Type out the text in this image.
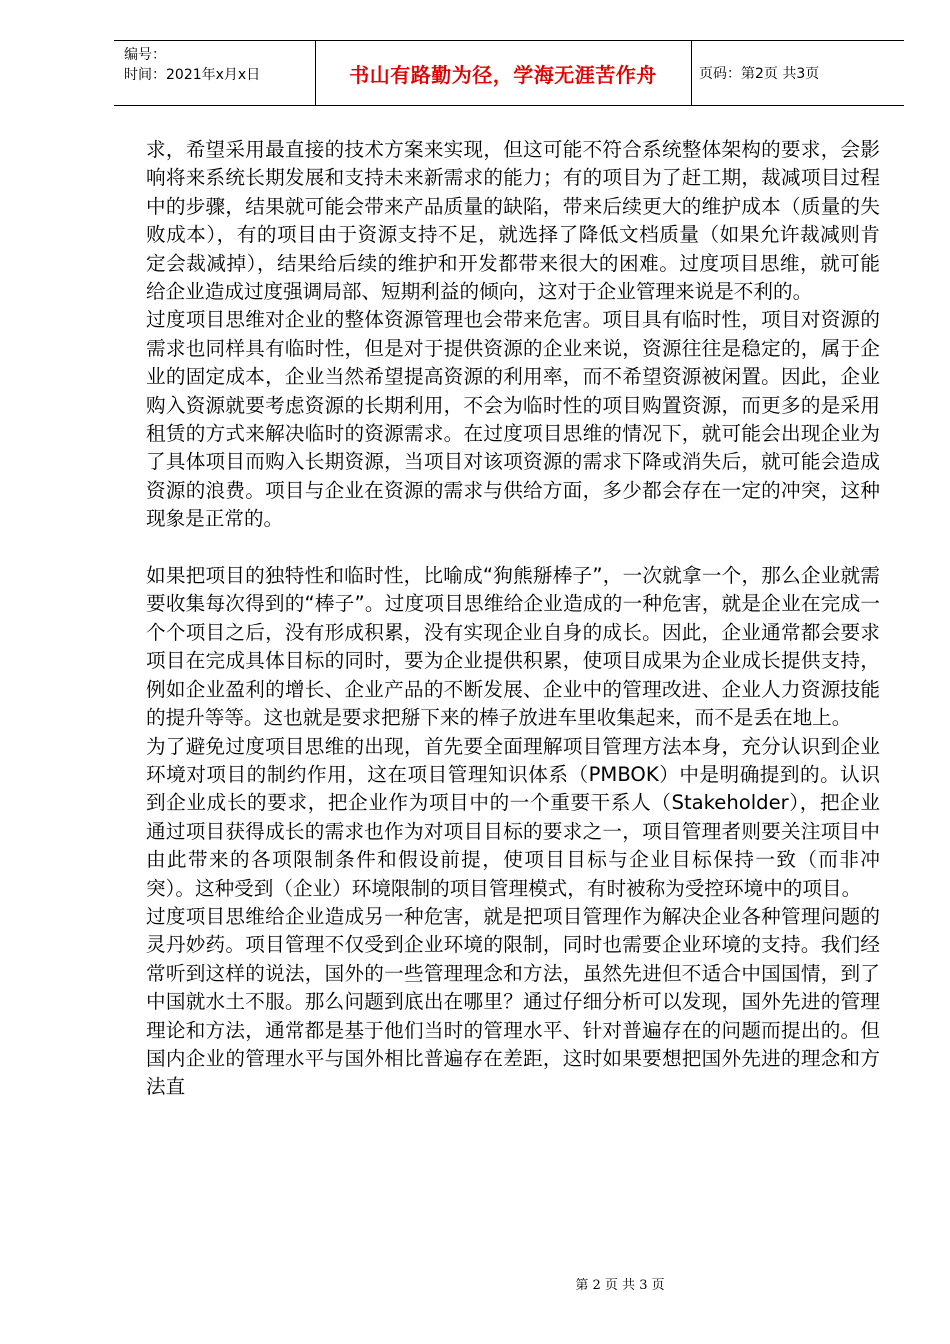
编号：
时间：2021年x月x日	书山有路勤为径，学海无涯苦作舟	页码：第2页 共3页

求，希望采用最直接的技术方案来实现，但这可能不符合系统整体架构的要求，会影响将来系统长期发展和支持未来新需求的能力；有的项目为了赶工期，裁减项目过程中的步骤，结果就可能会带来产品质量的缺陷，带来后续更大的维护成本（质量的失败成本），有的项目由于资源支持不足，就选择了降低文档质量（如果允许裁减则肯定会裁减掉），结果给后续的维护和开发都带来很大的困难。过度项目思维，就可能给企业造成过度强调局部、短期利益的倾向，这对于企业管理来说是不利的。

过度项目思维对企业的整体资源管理也会带来危害。项目具有临时性，项目对资源的需求也同样具有临时性，但是对于提供资源的企业来说，资源往往是稳定的，属于企业的固定成本，企业当然希望提高资源的利用率，而不希望资源被闲置。因此，企业购入资源就要考虑资源的长期利用，不会为临时性的项目购置资源，而更多的是采用租赁的方式来解决临时的资源需求。在过度项目思维的情况下，就可能会出现企业为了具体项目而购入长期资源，当项目对该项资源的需求下降或消失后，就可能会造成资源的浪费。项目与企业在资源的需求与供给方面，多少都会存在一定的冲突，这种现象是正常的。

如果把项目的独特性和临时性，比喻成“狗熊掰棒子”，一次就拿一个，那么企业就需要收集每次得到的“棒子”。过度项目思维给企业造成的一种危害，就是企业在完成一个个项目之后，没有形成积累，没有实现企业自身的成长。因此，企业通常都会要求项目在完成具体目标的同时，要为企业提供积累，使项目成果为企业成长提供支持，例如企业盈利的增长、企业产品的不断发展、企业中的管理改进、企业人力资源技能的提升等等。这也就是要求把掰下来的棒子放进车里收集起来，而不是丢在地上。

为了避免过度项目思维的出现，首先要全面理解项目管理方法本身，充分认识到企业环境对项目的制约作用，这在项目管理知识体系（PMBOK）中是明确提到的。认识到企业成长的要求，把企业作为项目中的一个重要干系人（Stakeholder），把企业通过项目获得成长的需求也作为对项目目标的要求之一，项目管理者则要关注项目中由此带来的各项限制条件和假设前提，使项目目标与企业目标保持一致（而非冲突）。这种受到（企业）环境限制的项目管理模式，有时被称为受控环境中的项目。

过度项目思维给企业造成另一种危害，就是把项目管理作为解决企业各种管理问题的灵丹妙药。项目管理不仅受到企业环境的限制，同时也需要企业环境的支持。我们经常听到这样的说法，国外的一些管理理念和方法，虽然先进但不适合中国国情，到了中国就水土不服。那么问题到底出在哪里？通过仔细分析可以发现，国外先进的管理理论和方法，通常都是基于他们当时的管理水平、针对普遍存在的问题而提出的。但国内企业的管理水平与国外相比普遍存在差距，这时如果要想把国外先进的理念和方法直

第 2 页 共 3 页
